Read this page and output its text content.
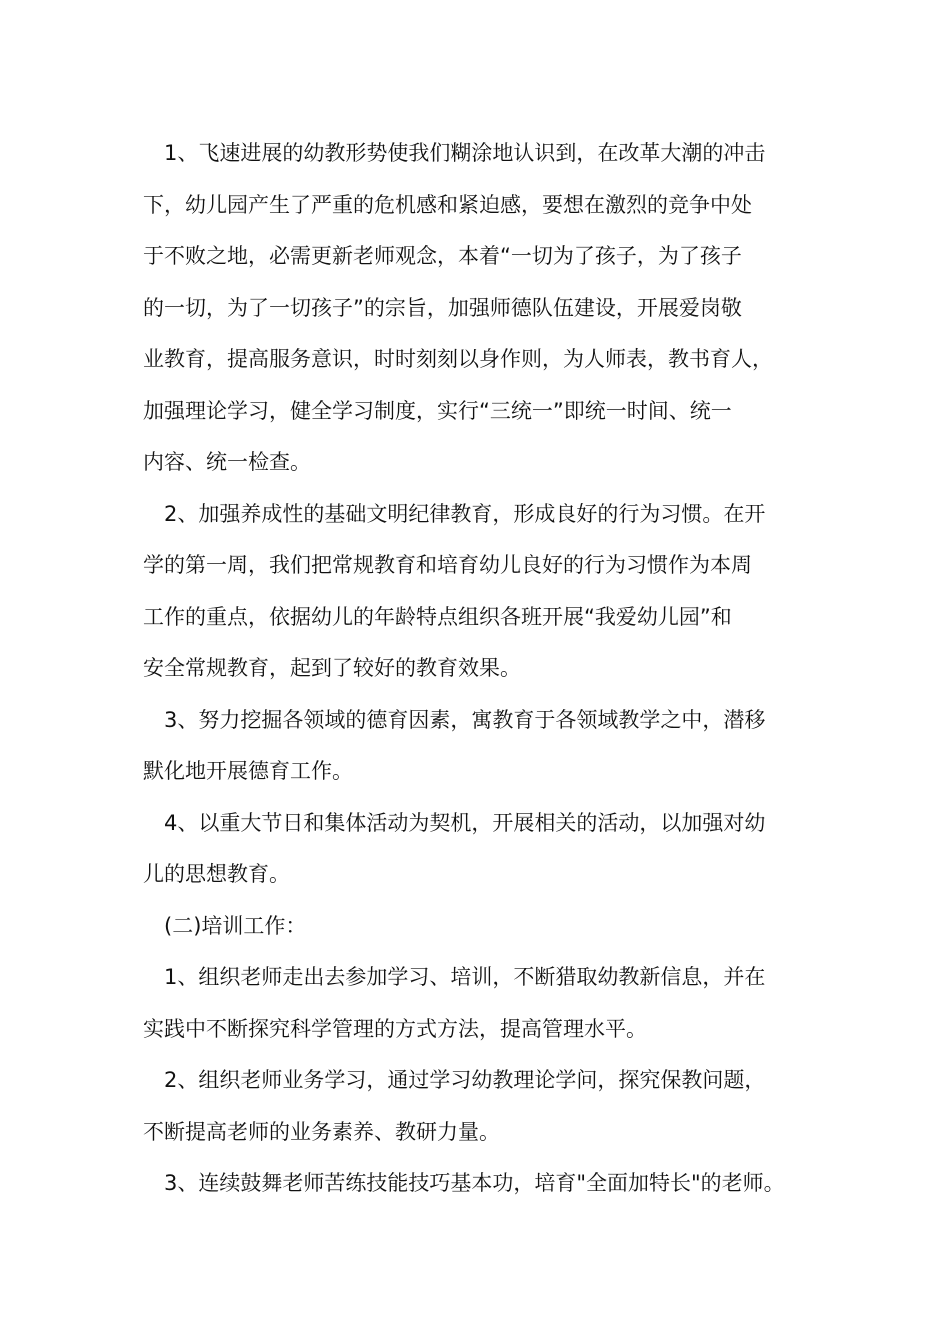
1、飞速进展的幼教形势使我们糊涂地认识到，在改革大潮的冲击

下，幼儿园产生了严重的危机感和紧迫感，要想在激烈的竞争中处

于不败之地，必需更新老师观念，本着“一切为了孩子，为了孩子

的一切，为了一切孩子”的宗旨，加强师德队伍建设，开展爱岗敬

业教育，提高服务意识，时时刻刻以身作则，为人师表，教书育人，

加强理论学习，健全学习制度，实行“三统一”即统一时间、统一

内容、统一检查。

2、加强养成性的基础文明纪律教育，形成良好的行为习惯。在开

学的第一周，我们把常规教育和培育幼儿良好的行为习惯作为本周

工作的重点，依据幼儿的年龄特点组织各班开展“我爱幼儿园”和

安全常规教育，起到了较好的教育效果。

3、努力挖掘各领域的德育因素，寓教育于各领域教学之中，潜移

默化地开展德育工作。

4、以重大节日和集体活动为契机，开展相关的活动，以加强对幼

儿的思想教育。

(二)培训工作：

1、组织老师走出去参加学习、培训，不断猎取幼教新信息，并在

实践中不断探究科学管理的方式方法，提高管理水平。

2、组织老师业务学习，通过学习幼教理论学问，探究保教问题，

不断提高老师的业务素养、教研力量。

3、连续鼓舞老师苦练技能技巧基本功，培育"全面加特长"的老师。
